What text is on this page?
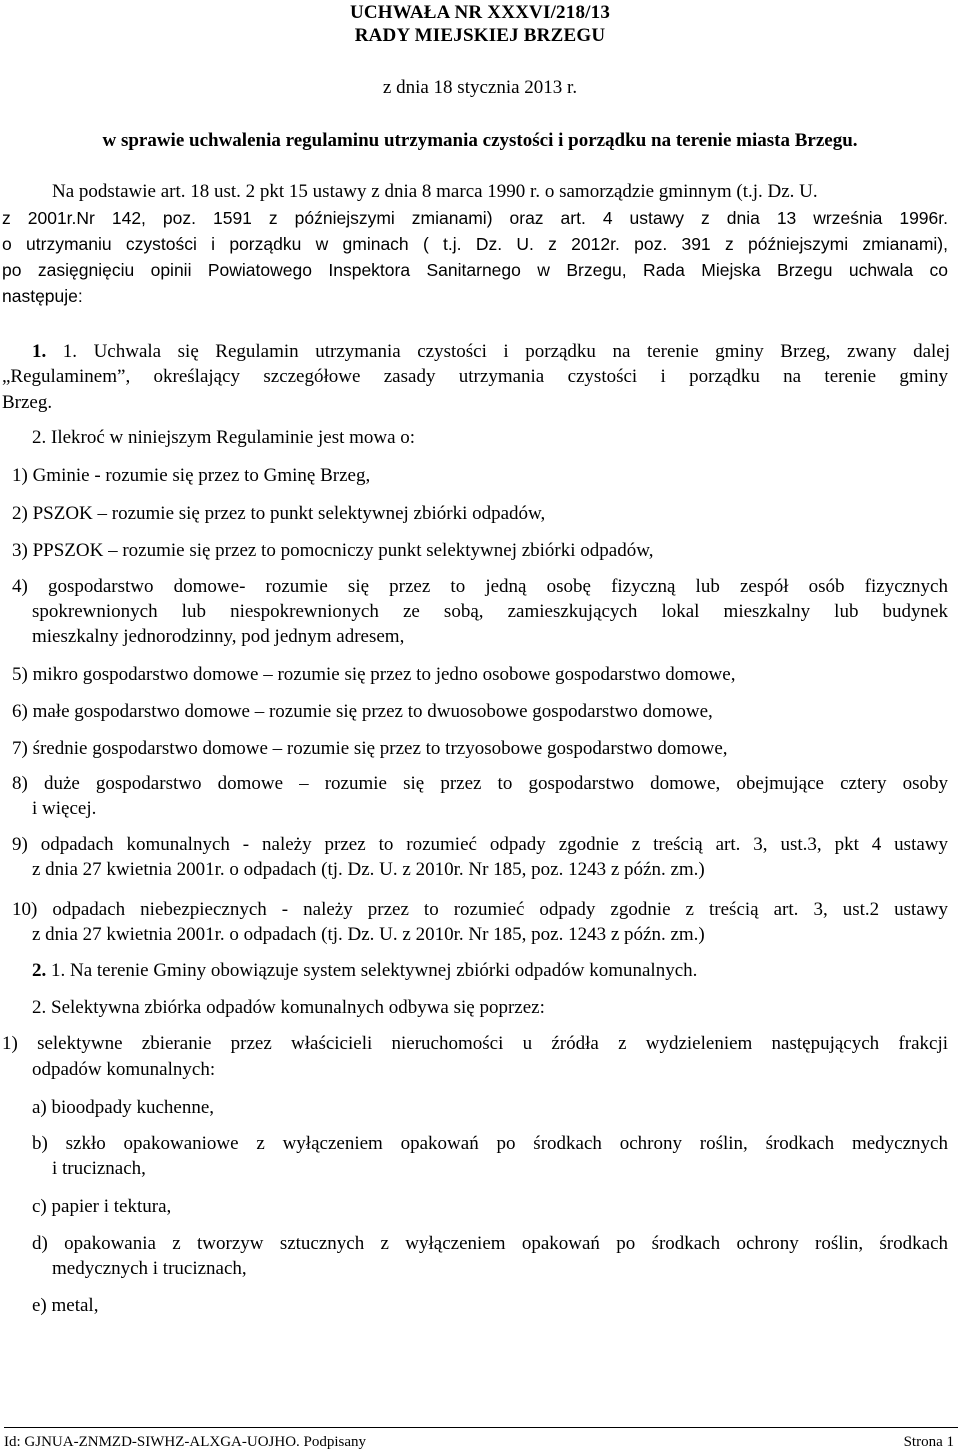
UCHWAŁA NR XXXVI/218/13
RADY MIEJSKIEJ BRZEGU
z dnia 18 stycznia 2013 r.
w sprawie uchwalenia regulaminu utrzymania czystości i porządku na terenie miasta Brzegu.
Na podstawie art. 18 ust. 2 pkt 15 ustawy z dnia 8 marca 1990 r. o samorządzie gminnym (t.j. Dz. U.
z 2001r.Nr 142, poz. 1591 z późniejszymi zmianami) oraz art. 4 ustawy z dnia 13 września 1996r.
o utrzymaniu czystości i porządku w gminach ( t.j. Dz. U. z 2012r. poz. 391 z późniejszymi zmianami),
po zasięgnięciu opinii Powiatowego Inspektora Sanitarnego w Brzegu, Rada Miejska Brzegu uchwala co
następuje:
1. 1. Uchwala się Regulamin utrzymania czystości i porządku na terenie gminy Brzeg, zwany dalej
„Regulaminem”, określający szczegółowe zasady utrzymania czystości i porządku na terenie gminy
Brzeg.
2. Ilekroć w niniejszym Regulaminie jest mowa o:
1) Gminie - rozumie się przez to Gminę Brzeg,
2) PSZOK – rozumie się przez to punkt selektywnej zbiórki odpadów,
3) PPSZOK – rozumie się przez to pomocniczy punkt selektywnej zbiórki odpadów,
4) gospodarstwo domowe- rozumie się przez to jedną osobę fizyczną lub zespół osób fizycznych
spokrewnionych lub niespokrewnionych ze sobą, zamieszkujących lokal mieszkalny lub budynek
mieszkalny jednorodzinny, pod jednym adresem,
5) mikro gospodarstwo domowe – rozumie się przez to jedno osobowe gospodarstwo domowe,
6) małe gospodarstwo domowe – rozumie się przez to dwuosobowe gospodarstwo domowe,
7) średnie gospodarstwo domowe – rozumie się przez to trzyosobowe gospodarstwo domowe,
8) duże gospodarstwo domowe – rozumie się przez to gospodarstwo domowe, obejmujące cztery osoby
i więcej.
9) odpadach komunalnych - należy przez to rozumieć odpady zgodnie z treścią art. 3, ust.3, pkt 4 ustawy
z dnia 27 kwietnia 2001r. o odpadach (tj. Dz. U. z 2010r. Nr 185, poz. 1243 z późn. zm.)
10) odpadach niebezpiecznych - należy przez to rozumieć odpady zgodnie z treścią art. 3, ust.2 ustawy
z dnia 27 kwietnia 2001r. o odpadach (tj. Dz. U. z 2010r. Nr 185, poz. 1243 z późn. zm.)
2. 1. Na terenie Gminy obowiązuje system selektywnej zbiórki odpadów komunalnych.
2. Selektywna zbiórka odpadów komunalnych odbywa się poprzez:
1) selektywne zbieranie przez właścicieli nieruchomości u źródła z wydzieleniem następujących frakcji
odpadów komunalnych:
a) bioodpady kuchenne,
b) szkło opakowaniowe z wyłączeniem opakowań po środkach ochrony roślin, środkach medycznych
i truciznach,
c) papier i tektura,
d) opakowania z tworzyw sztucznych z wyłączeniem opakowań po środkach ochrony roślin, środkach
medycznych i truciznach,
e) metal,
Id: GJNUA-ZNMZD-SIWHZ-ALXGA-UOJHO. Podpisany	Strona 1
